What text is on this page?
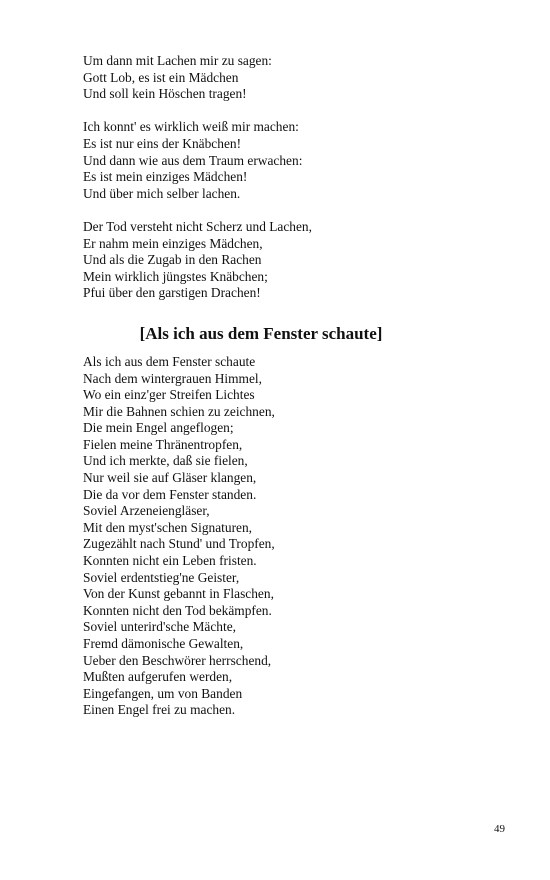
Um dann mit Lachen mir zu sagen:
Gott Lob, es ist ein Mädchen
Und soll kein Höschen tragen!
Ich konnt' es wirklich weiß mir machen:
Es ist nur eins der Knäbchen!
Und dann wie aus dem Traum erwachen:
Es ist mein einziges Mädchen!
Und über mich selber lachen.
Der Tod versteht nicht Scherz und Lachen,
Er nahm mein einziges Mädchen,
Und als die Zugab in den Rachen
Mein wirklich jüngstes Knäbchen;
Pfui über den garstigen Drachen!
[Als ich aus dem Fenster schaute]
Als ich aus dem Fenster schaute
Nach dem wintergrauen Himmel,
Wo ein einz'ger Streifen Lichtes
Mir die Bahnen schien zu zeichnen,
Die mein Engel angeflogen;
Fielen meine Thränentropfen,
Und ich merkte, daß sie fielen,
Nur weil sie auf Gläser klangen,
Die da vor dem Fenster standen.
Soviel Arzeneiengläser,
Mit den myst'schen Signaturen,
Zugezählt nach Stund' und Tropfen,
Konnten nicht ein Leben fristen.
Soviel erdentstieg'ne Geister,
Von der Kunst gebannt in Flaschen,
Konnten nicht den Tod bekämpfen.
Soviel unterird'sche Mächte,
Fremd dämonische Gewalten,
Ueber den Beschwörer herrschend,
Mußten aufgerufen werden,
Eingefangen, um von Banden
Einen Engel frei zu machen.
49
